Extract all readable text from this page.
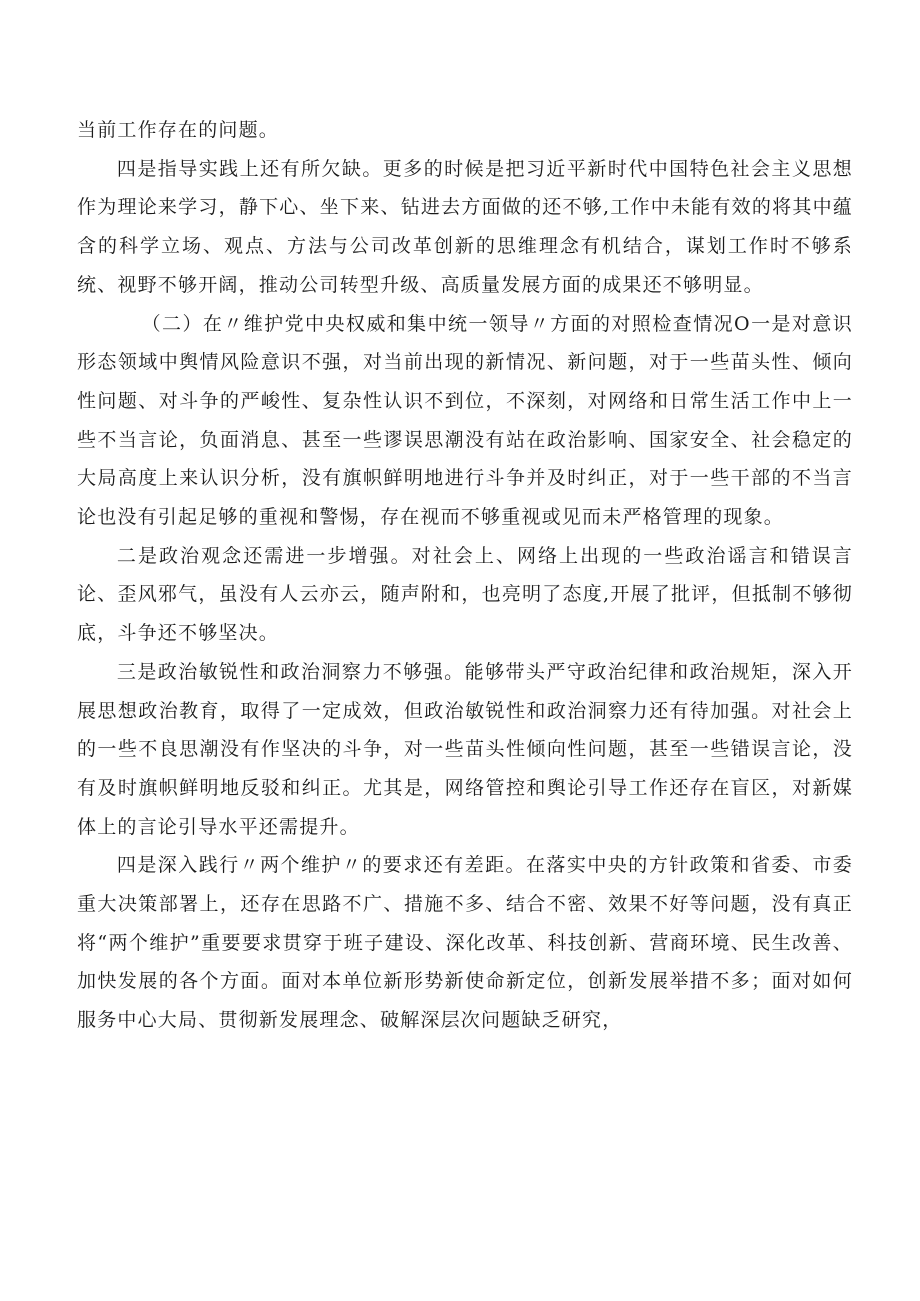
当前工作存在的问题。

四是指导实践上还有所欠缺。更多的时候是把习近平新时代中国特色社会主义思想作为理论来学习，静下心、坐下来、钻进去方面做的还不够,工作中未能有效的将其中蕴含的科学立场、观点、方法与公司改革创新的思维理念有机结合，谋划工作时不够系统、视野不够开阔，推动公司转型升级、高质量发展方面的成果还不够明显。

（二）在〃维护党中央权威和集中统一领导〃方面的对照检查情况O一是对意识形态领域中舆情风险意识不强，对当前出现的新情况、新问题，对于一些苗头性、倾向性问题、对斗争的严峻性、复杂性认识不到位，不深刻，对网络和日常生活工作中上一些不当言论，负面消息、甚至一些谬误思潮没有站在政治影响、国家安全、社会稳定的大局高度上来认识分析，没有旗帜鲜明地进行斗争并及时纠正，对于一些干部的不当言论也没有引起足够的重视和警惕，存在视而不够重视或见而未严格管理的现象。

二是政治观念还需进一步增强。对社会上、网络上出现的一些政治谣言和错误言论、歪风邪气，虽没有人云亦云，随声附和，也亮明了态度,开展了批评，但抵制不够彻底，斗争还不够坚决。

三是政治敏锐性和政治洞察力不够强。能够带头严守政治纪律和政治规矩，深入开展思想政治教育，取得了一定成效，但政治敏锐性和政治洞察力还有待加强。对社会上的一些不良思潮没有作坚决的斗争，对一些苗头性倾向性问题，甚至一些错误言论，没有及时旗帜鲜明地反驳和纠正。尤其是，网络管控和舆论引导工作还存在盲区，对新媒体上的言论引导水平还需提升。

四是深入践行〃两个维护〃的要求还有差距。在落实中央的方针政策和省委、市委重大决策部署上，还存在思路不广、措施不多、结合不密、效果不好等问题，没有真正将“两个维护”重要要求贯穿于班子建设、深化改革、科技创新、营商环境、民生改善、加快发展的各个方面。面对本单位新形势新使命新定位，创新发展举措不多；面对如何服务中心大局、贯彻新发展理念、破解深层次问题缺乏研究，
